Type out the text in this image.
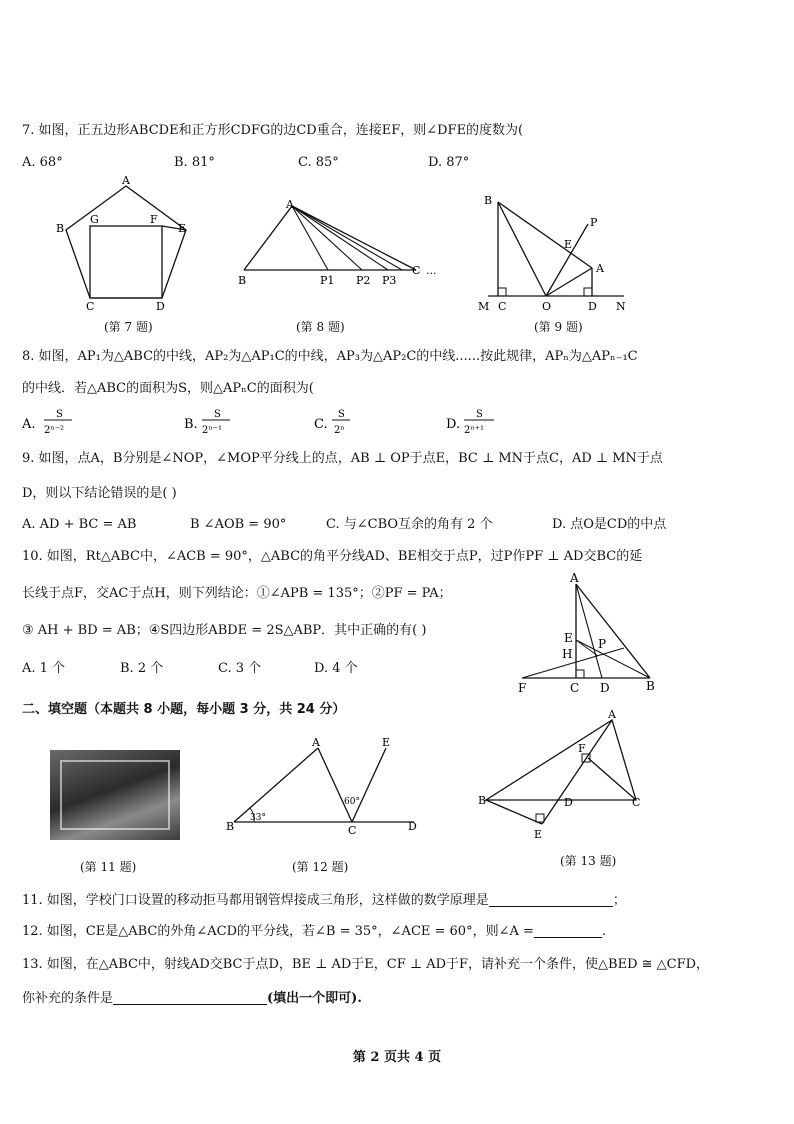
7. 如图，正五边形ABCDE和正方形CDFG的边CD重合，连接EF，则∠DFE的度数为(
A. 68°	B. 81°	C. 85°	D. 87°
A
B
G	F
E
C	D
(第 7 题)
A
B	P1 P2 P3
C ...
(第 8 题)
B
P
E
A
M C	O	D N
(第 9 题)
8. 如图，AP₁为△ABC的中线，AP₂为△AP₁C的中线，AP₃为△AP₂C的中线......按此规律，APₙ为△APₙ₋₁C
的中线．若△ABC的面积为S，则△APₙC的面积为(
A.
S
2ⁿ⁻²	B.
S
2ⁿ⁻¹	C.
S
2ⁿ	D.
S
2ⁿ⁺¹
9. 如图，点A，B分别是∠NOP，∠MOP平分线上的点，AB ⊥ OP于点E，BC ⊥ MN于点C，AD ⊥ MN于点
D，则以下结论错误的是( )
A. AD + BC = AB	B ∠AOB = 90°	C. 与∠CBO互余的角有 2 个	D. 点O是CD的中点
10. 如图，Rt△ABC中，∠ACB = 90°，△ABC的角平分线AD、BE相交于点P，过P作PF ⊥ AD交BC的延
长线于点F，交AC于点H，则下列结论：①∠APB = 135°；②PF = PA；
③ AH + BD = AB；④S四边形ABDE = 2S△ABP．其中正确的有( )
A. 1 个	B. 2 个	C. 3 个	D. 4 个
A
E
H
P
F	C D	B
二、填空题（本题共 8 小题，每小题 3 分，共 24 分）
(第 11 题)
A	E
B	C	D
33°
60°
(第 12 题)
A
F
B	D	C
E
(第 13 题)
11. 如图，学校门口设置的移动拒马都用钢管焊接成三角形，这样做的数学原理是	；
12. 如图，CE是△ABC的外角∠ACD的平分线，若∠B = 35°，∠ACE = 60°，则∠A =	.
13. 如图，在△ABC中，射线AD交BC于点D，BE ⊥ AD于E，CF ⊥ AD于F，请补充一个条件，使△BED ≅ △CFD，
你补充的条件是	(填出一个即可).
第 2 页共 4 页
